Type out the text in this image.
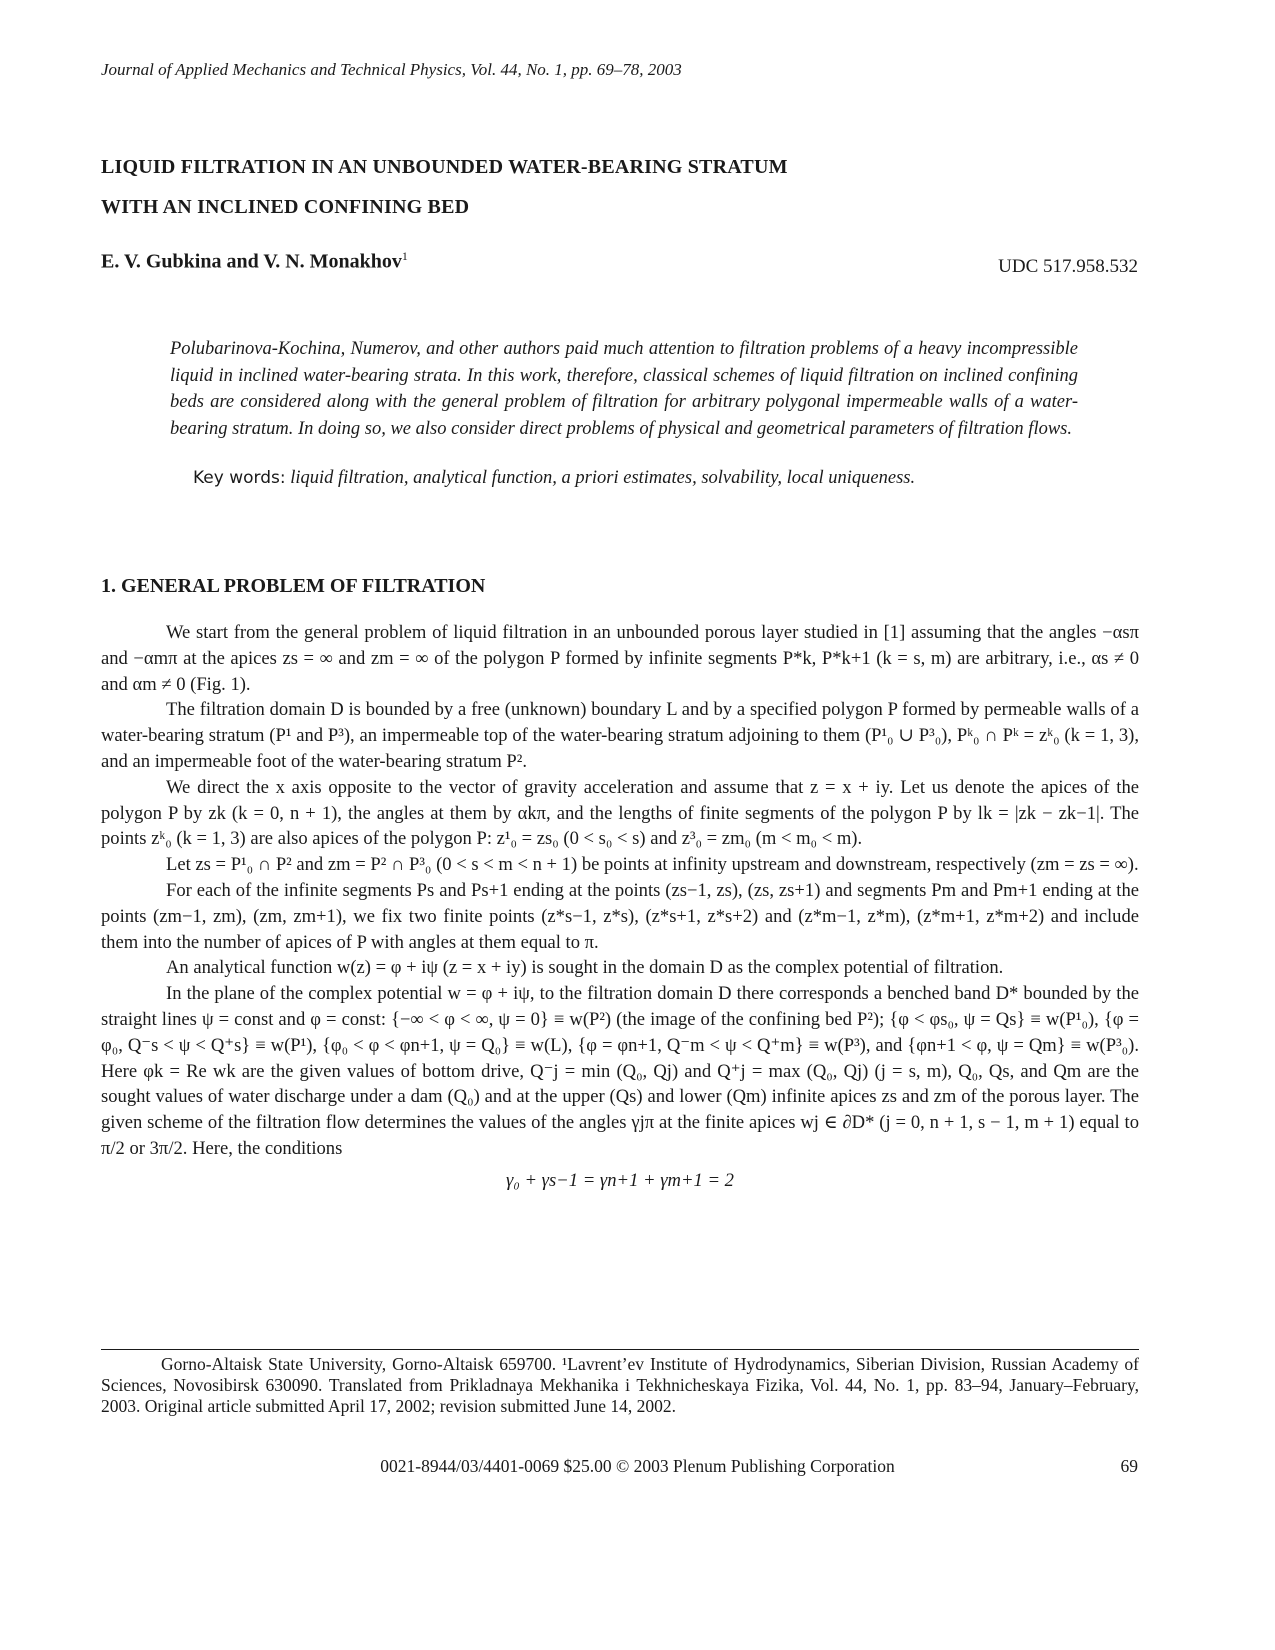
Journal of Applied Mechanics and Technical Physics, Vol. 44, No. 1, pp. 69–78, 2003
LIQUID FILTRATION IN AN UNBOUNDED WATER-BEARING STRATUM
WITH AN INCLINED CONFINING BED
E. V. Gubkina and V. N. Monakhov$^1$	UDC 517.958.532
Polubarinova-Kochina, Numerov, and other authors paid much attention to filtration problems of a heavy incompressible liquid in inclined water-bearing strata. In this work, therefore, classical schemes of liquid filtration on inclined confining beds are considered along with the general problem of filtration for arbitrary polygonal impermeable walls of a water-bearing stratum. In doing so, we also consider direct problems of physical and geometrical parameters of filtration flows.
Key words: liquid filtration, analytical function, a priori estimates, solvability, local uniqueness.
1. GENERAL PROBLEM OF FILTRATION

We start from the general problem of liquid filtration in an unbounded porous layer studied in [1] assuming that the angles −αsπ and −αmπ at the apices zs = ∞ and zm = ∞ of the polygon P formed by infinite segments P*k, P*k+1 (k = s, m) are arbitrary, i.e., αs ≠ 0 and αm ≠ 0 (Fig. 1).

The filtration domain D is bounded by a free (unknown) boundary L and by a specified polygon P formed by permeable walls of a water-bearing stratum (P¹ and P³), an impermeable top of the water-bearing stratum adjoining to them (P¹₀ ∪ P³₀), Pᵏ₀ ∩ Pᵏ = zᵏ₀ (k = 1, 3), and an impermeable foot of the water-bearing stratum P².

We direct the x axis opposite to the vector of gravity acceleration and assume that z = x + iy. Let us denote the apices of the polygon P by zk (k = 0, n + 1), the angles at them by αkπ, and the lengths of finite segments of the polygon P by lk = |zk − zk−1|. The points zᵏ₀ (k = 1, 3) are also apices of the polygon P: z¹₀ = zs₀ (0 < s₀ < s) and z³₀ = zm₀ (m < m₀ < m).

Let zs = P¹₀ ∩ P² and zm = P² ∩ P³₀ (0 < s < m < n + 1) be points at infinity upstream and downstream, respectively (zm = zs = ∞).

For each of the infinite segments Ps and Ps+1 ending at the points (zs−1, zs), (zs, zs+1) and segments Pm and Pm+1 ending at the points (zm−1, zm), (zm, zm+1), we fix two finite points (z*s−1, z*s), (z*s+1, z*s+2) and (z*m−1, z*m), (z*m+1, z*m+2) and include them into the number of apices of P with angles at them equal to π.

An analytical function w(z) = φ + iψ (z = x + iy) is sought in the domain D as the complex potential of filtration.

In the plane of the complex potential w = φ + iψ, to the filtration domain D there corresponds a benched band D* bounded by the straight lines ψ = const and φ = const: {−∞ < φ < ∞, ψ = 0} ≡ w(P²) (the image of the confining bed P²); {φ < φs₀, ψ = Qs} ≡ w(P¹₀), {φ = φ₀, Q⁻s < ψ < Q⁺s} ≡ w(P¹), {φ₀ < φ < φn+1, ψ = Q₀} ≡ w(L), {φ = φn+1, Q⁻m < ψ < Q⁺m} ≡ w(P³), and {φn+1 < φ, ψ = Qm} ≡ w(P³₀). Here φk = Re wk are the given values of bottom drive, Q⁻j = min (Q₀, Qj) and Q⁺j = max (Q₀, Qj) (j = s, m), Q₀, Qs, and Qm are the sought values of water discharge under a dam (Q₀) and at the upper (Qs) and lower (Qm) infinite apices zs and zm of the porous layer. The given scheme of the filtration flow determines the values of the angles γjπ at the finite apices wj ∈ ∂D* (j = 0, n + 1, s − 1, m + 1) equal to π/2 or 3π/2. Here, the conditions

γ₀ + γs−1 = γn+1 + γm+1 = 2
Gorno-Altaisk State University, Gorno-Altaisk 659700. ¹Lavrent’ev Institute of Hydrodynamics, Siberian Division, Russian Academy of Sciences, Novosibirsk 630090. Translated from Prikladnaya Mekhanika i Tekhnicheskaya Fizika, Vol. 44, No. 1, pp. 83–94, January–February, 2003. Original article submitted April 17, 2002; revision submitted June 14, 2002.
0021-8944/03/4401-0069 $25.00 © 2003 Plenum Publishing Corporation	69
